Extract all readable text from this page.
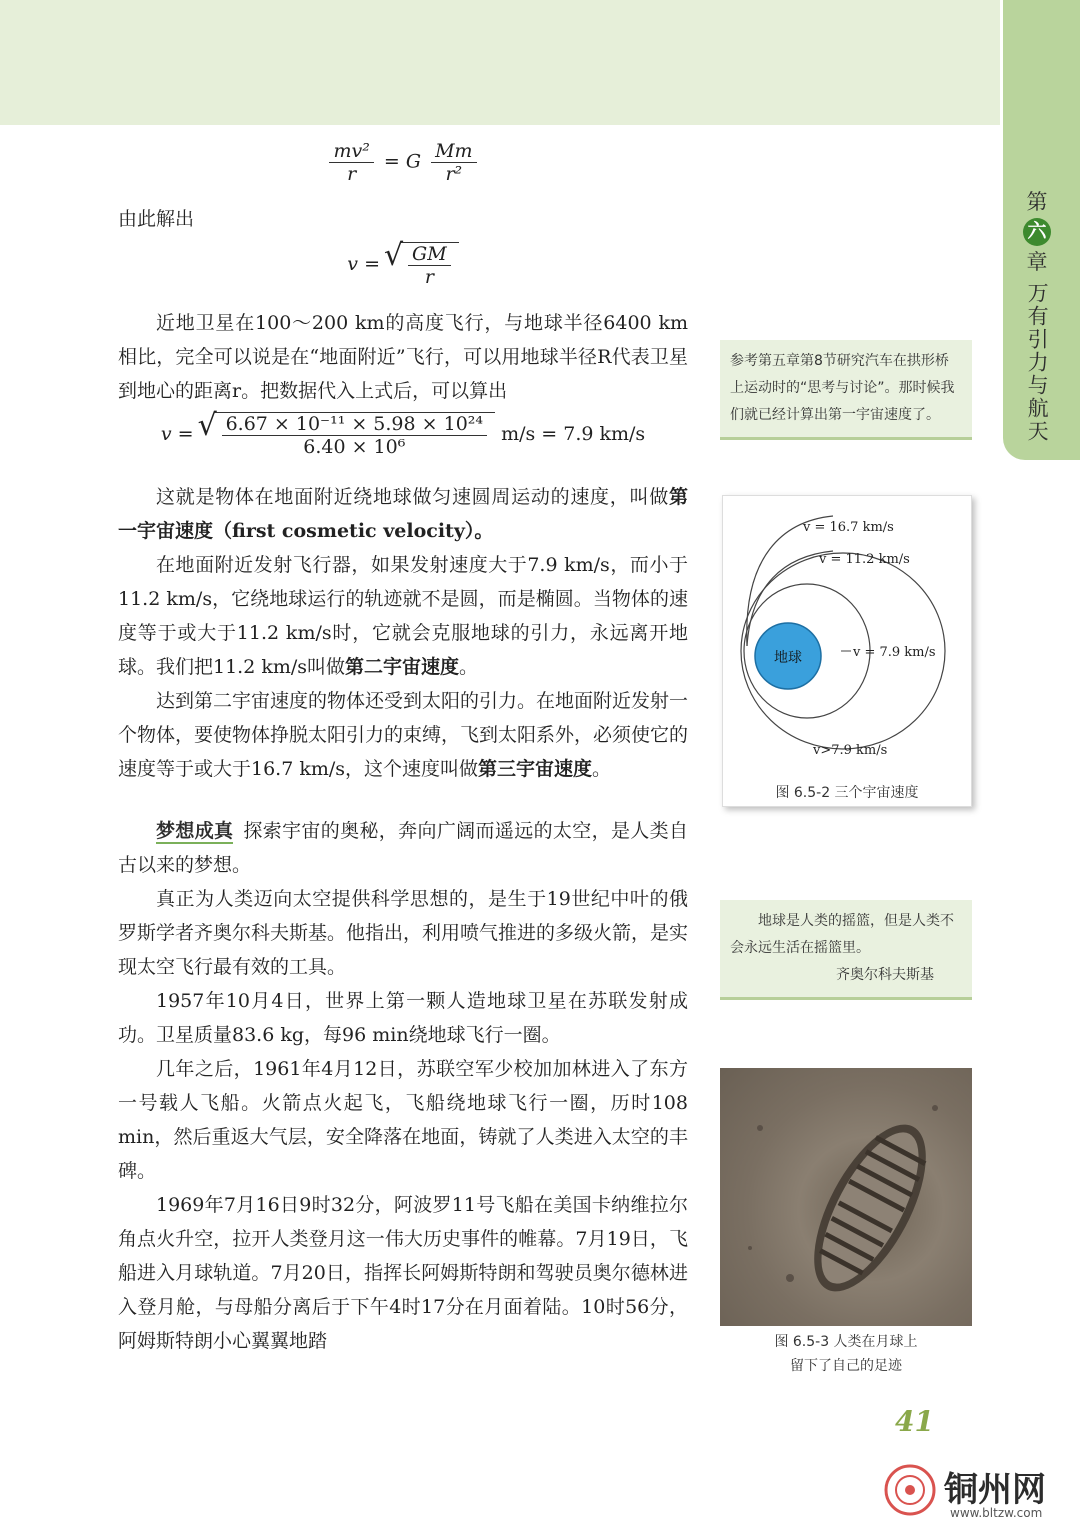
第
六
章
万有引力与航天
$\frac{\text{mv²}}{r} = G \frac{Mm}{\text{r²}}$

由此解出

v = √ $\frac{GM}{r}$

近地卫星在100～200 km的高度飞行，与地球半径6400 km相比，完全可以说是在“地面附近”飞行，可以用地球半径R代表卫星到地心的距离r。把数据代入上式后，可以算出

v = √ $\frac{\text{6.67 × 10⁻¹¹ × 5.98 × 10²⁴}}{\text{6.40 × 10⁶}} m/s = 7.9$ km/s

这就是物体在地面附近绕地球做匀速圆周运动的速度，叫做第一宇宙速度（first cosmetic velocity）。

在地面附近发射飞行器，如果发射速度大于7.9 km/s，而小于11.2 km/s，它绕地球运行的轨迹就不是圆，而是椭圆。当物体的速度等于或大于11.2 km/s时，它就会克服地球的引力，永远离开地球。我们把11.2 km/s叫做第二宇宙速度。

达到第二宇宙速度的物体还受到太阳的引力。在地面附近发射一个物体，要使物体挣脱太阳引力的束缚，飞到太阳系外，必须使它的速度等于或大于16.7 km/s，这个速度叫做第三宇宙速度。

梦想成真 探索宇宙的奥秘，奔向广阔而遥远的太空，是人类自古以来的梦想。

真正为人类迈向太空提供科学思想的，是生于19世纪中叶的俄罗斯学者齐奥尔科夫斯基。他指出，利用喷气推进的多级火箭，是实现太空飞行最有效的工具。

1957年10月4日，世界上第一颗人造地球卫星在苏联发射成功。卫星质量83.6 kg，每96 min绕地球飞行一圈。

几年之后，1961年4月12日，苏联空军少校加加林进入了东方一号载人飞船。火箭点火起飞，飞船绕地球飞行一圈，历时108 min，然后重返大气层，安全降落在地面，铸就了人类进入太空的丰碑。

1969年7月16日9时32分，阿波罗11号飞船在美国卡纳维拉尔角点火升空，拉开人类登月这一伟大历史事件的帷幕。7月19日，飞船进入月球轨道。7月20日，指挥长阿姆斯特朗和驾驶员奥尔德林进入登月舱，与母船分离后于下午4时17分在月面着陆。10时56分，阿姆斯特朗小心翼翼地踏

参考第五章第8节研究汽车在拱形桥上运动时的“思考与讨论”。那时候我们就已经计算出第一宇宙速度了。
地球
v = 16.7 km/s
v = 11.2 km/s
v = 7.9 km/s
v>7.9 km/s
图 6.5-2 三个宇宙速度
地球是人类的摇篮，但是人类不会永远生活在摇篮里。
齐奥尔科夫斯基
图 6.5-3 人类在月球上
留下了自己的足迹
41
铜州网
www.bltzw.com
